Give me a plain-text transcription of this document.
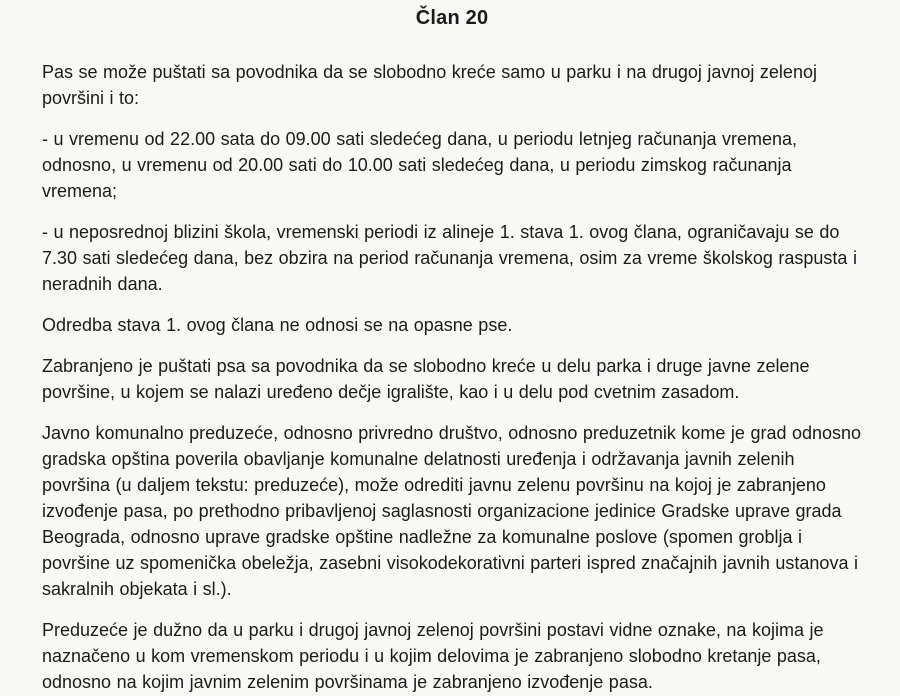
Član 20

Pas se može puštati sa povodnika da se slobodno kreće samo u parku i na drugoj javnoj zelenoj površini i to:

- u vremenu od 22.00 sata do 09.00 sati sledećeg dana, u periodu letnjeg računanja vremena, odnosno, u vremenu od 20.00 sati do 10.00 sati sledećeg dana, u periodu zimskog računanja vremena;

- u neposrednoj blizini škola, vremenski periodi iz alineje 1. stava 1. ovog člana, ograničavaju se do 7.30 sati sledećeg dana, bez obzira na period računanja vremena, osim za vreme školskog raspusta i neradnih dana.

Odredba stava 1. ovog člana ne odnosi se na opasne pse.

Zabranjeno je puštati psa sa povodnika da se slobodno kreće u delu parka i druge javne zelene površine, u kojem se nalazi uređeno dečje igralište, kao i u delu pod cvetnim zasadom.

Javno komunalno preduzeće, odnosno privredno društvo, odnosno preduzetnik kome je grad odnosno gradska opština poverila obavljanje komunalne delatnosti uređenja i održavanja javnih zelenih površina (u daljem tekstu: preduzeće), može odrediti javnu zelenu površinu na kojoj je zabranjeno izvođenje pasa, po prethodno pribavljenoj saglasnosti organizacione jedinice Gradske uprave grada Beograda, odnosno uprave gradske opštine nadležne za komunalne poslove (spomen groblja i površine uz spomenička obeležja, zasebni visokodekorativni parteri ispred značajnih javnih ustanova i sakralnih objekata i sl.).

Preduzeće je dužno da u parku i drugoj javnoj zelenoj površini postavi vidne oznake, na kojima je naznačeno u kom vremenskom periodu i u kojim delovima je zabranjeno slobodno kretanje pasa, odnosno na kojim javnim zelenim površinama je zabranjeno izvođenje pasa.
